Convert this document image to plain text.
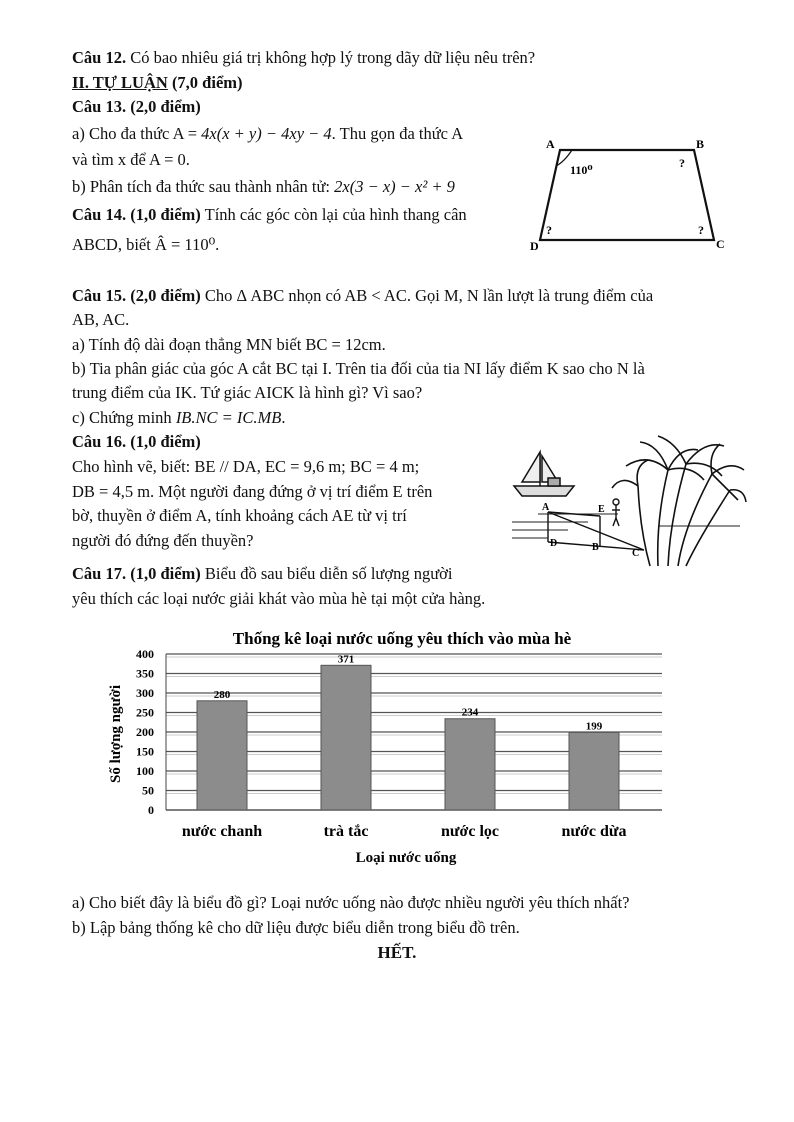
Câu 12. Có bao nhiêu giá trị không hợp lý trong dãy dữ liệu nêu trên?
II. TỰ LUẬN (7,0 điểm)
Câu 13. (2,0 điểm)
a) Cho đa thức A = 4x(x + y) − 4xy − 4. Thu gọn đa thức A
và tìm x để A = 0.
b) Phân tích đa thức sau thành nhân tử: 2x(3 − x) − x² + 9
Câu 14. (1,0 điểm) Tính các góc còn lại của hình thang cân
ABCD, biết Â = 110⁰.
A	B
C
D
110⁰	?
?	?
Câu 15. (2,0 điểm) Cho Δ ABC nhọn có AB < AC. Gọi M, N lần lượt là trung điểm của
AB, AC.
a) Tính độ dài đoạn thẳng MN biết BC = 12cm.
b) Tia phân giác của góc A cắt BC tại I. Trên tia đối của tia NI lấy điểm K sao cho N là
trung điểm của IK. Tứ giác AICK là hình gì? Vì sao?
c) Chứng minh IB.NC = IC.MB.
Câu 16. (1,0 điểm)
Cho hình vẽ, biết: BE // DA, EC = 9,6 m; BC = 4 m;
DB = 4,5 m. Một người đang đứng ở vị trí điểm E trên
bờ, thuyền ở điểm A, tính khoảng cách AE từ vị trí
người đó đứng đến thuyền?
A	E
D	B
C
Câu 17. (1,0 điểm) Biểu đồ sau biểu diễn số lượng người
yêu thích các loại nước giải khát vào mùa hè tại một cửa hàng.
Thống kê loại nước uống yêu thích vào mùa hè
0
50
100
150
200
250
300
350
400
280
371
234
199
nước chanh	trà tắc	nước lọc	nước dừa
Loại nước uống
Số lượng người
a) Cho biết đây là biểu đồ gì? Loại nước uống nào được nhiều người yêu thích nhất?
b) Lập bảng thống kê cho dữ liệu được biểu diễn trong biểu đồ trên.
HẾT.
